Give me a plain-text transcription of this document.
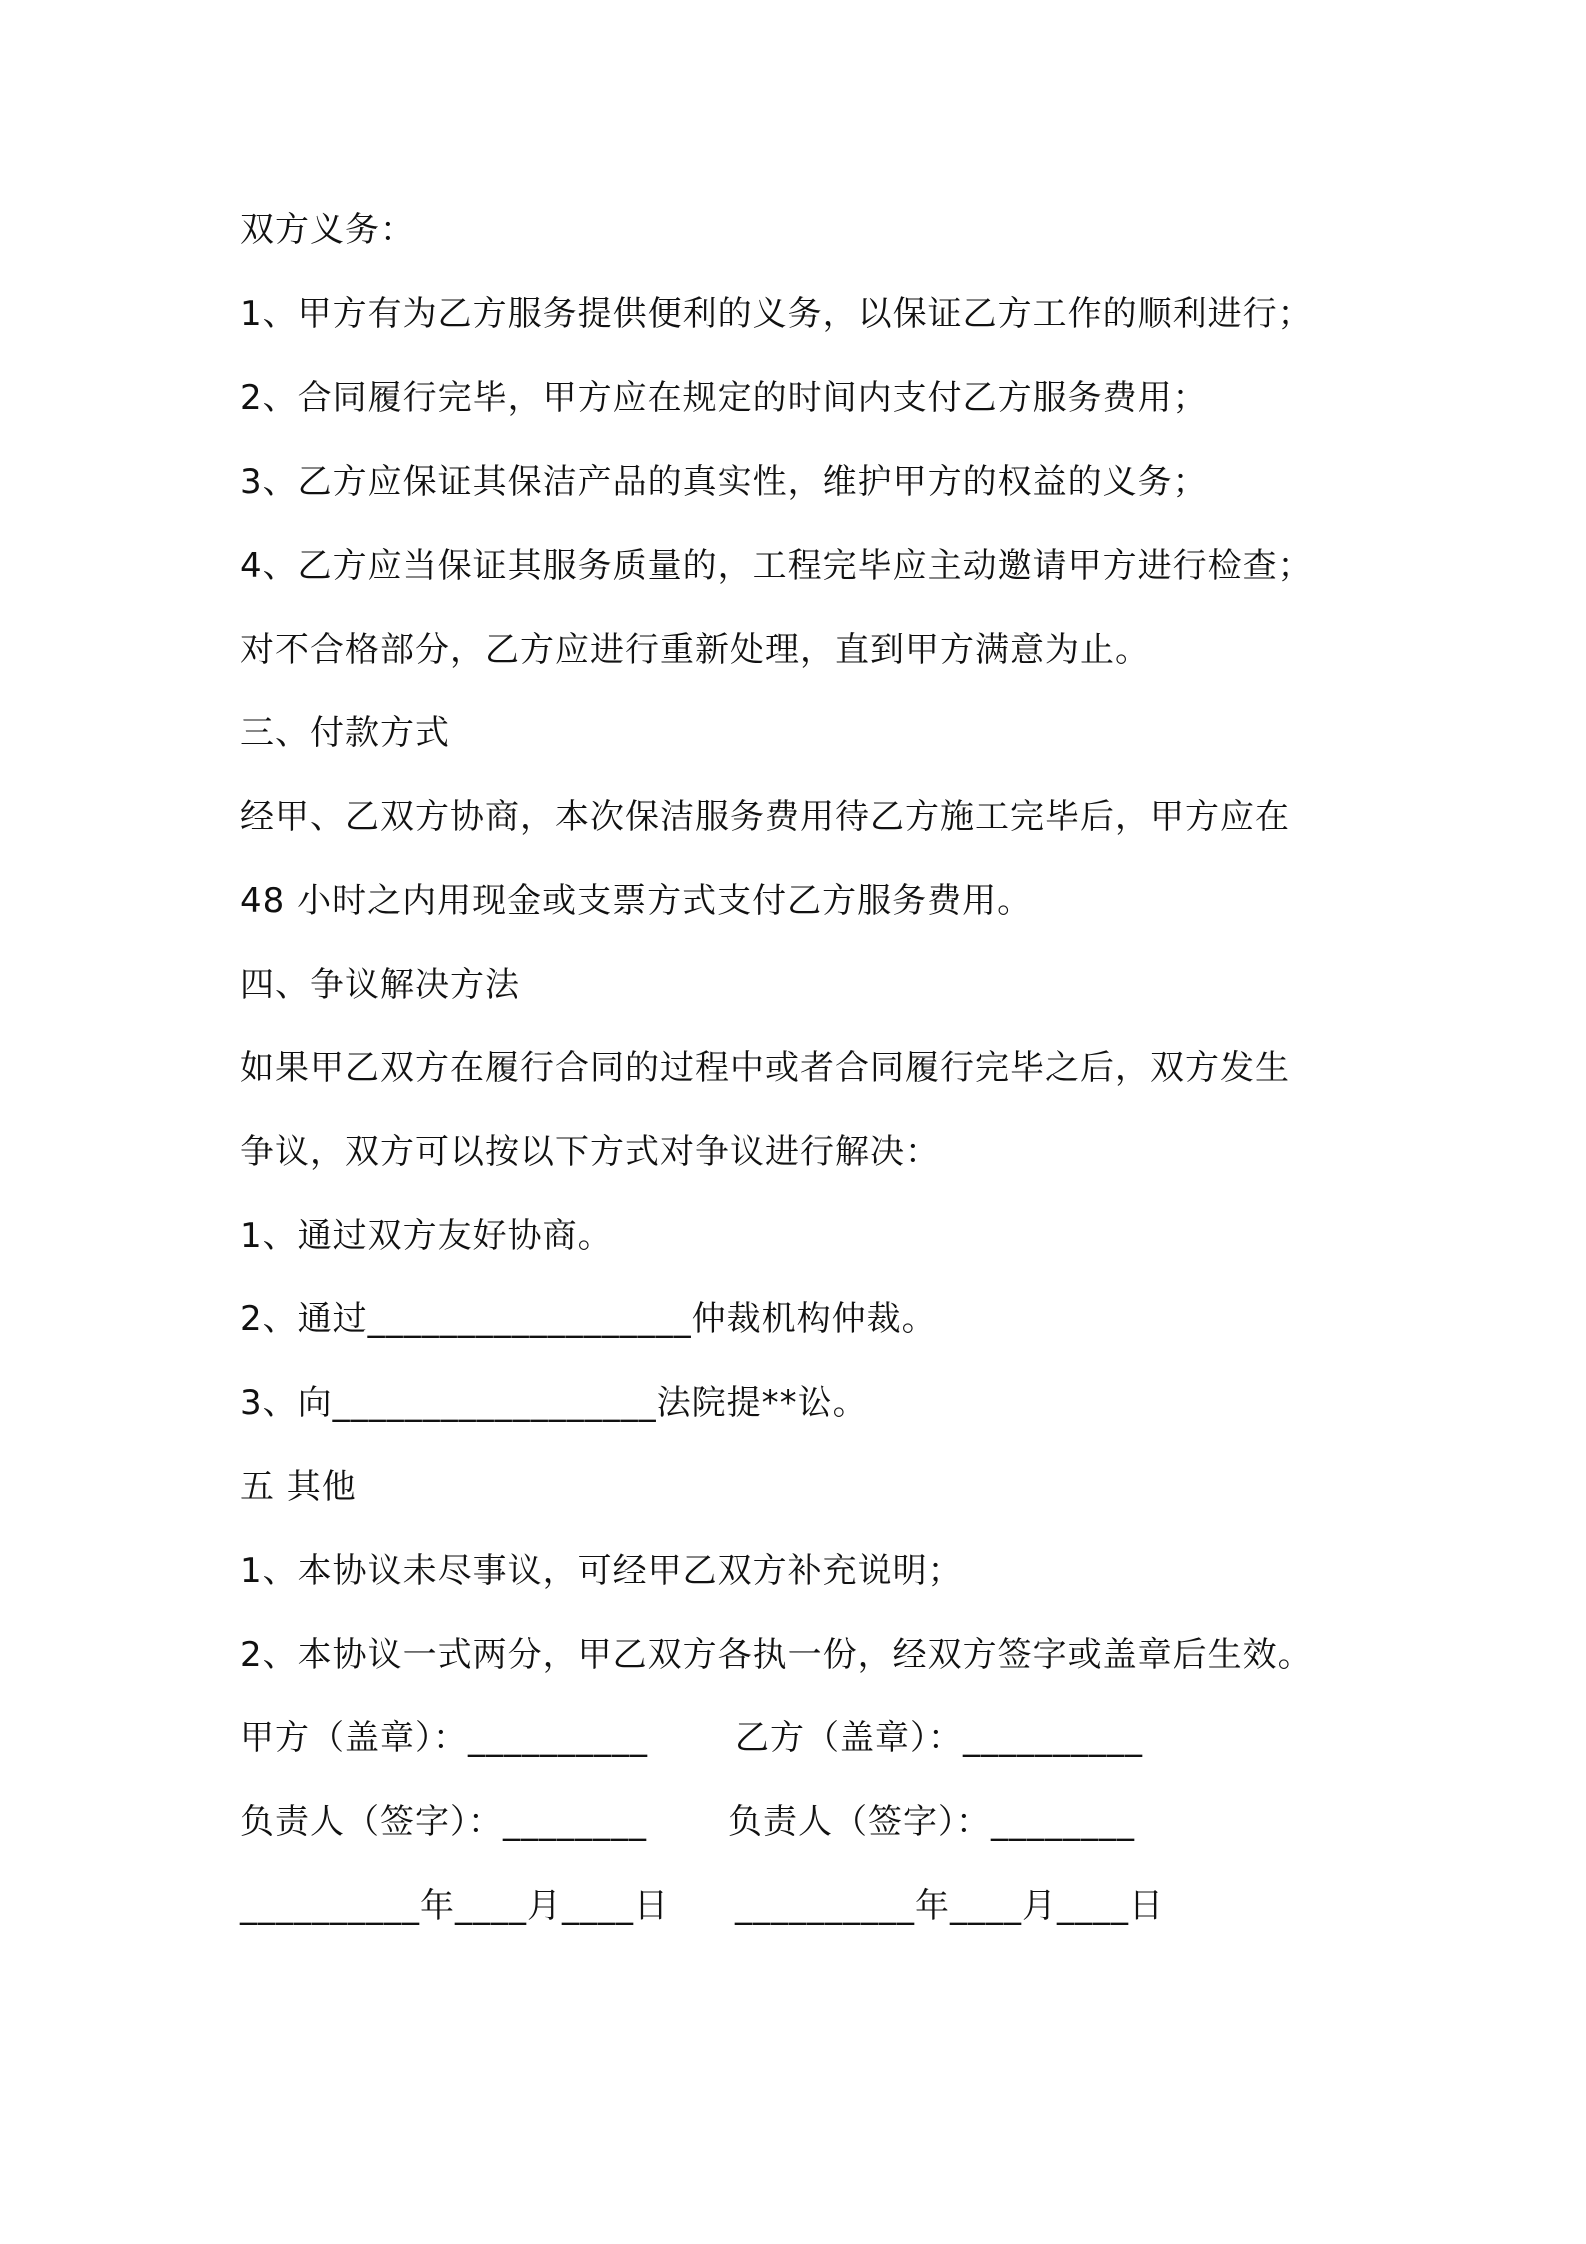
双方义务：
1、甲方有为乙方服务提供便利的义务，以保证乙方工作的顺利进行；
2、合同履行完毕，甲方应在规定的时间内支付乙方服务费用；
3、乙方应保证其保洁产品的真实性，维护甲方的权益的义务；
4、乙方应当保证其服务质量的，工程完毕应主动邀请甲方进行检查；
对不合格部分，乙方应进行重新处理，直到甲方满意为止。
三、付款方式
经甲、乙双方协商，本次保洁服务费用待乙方施工完毕后，甲方应在
48 小时之内用现金或支票方式支付乙方服务费用。
四、争议解决方法
如果甲乙双方在履行合同的过程中或者合同履行完毕之后，双方发生
争议，双方可以按以下方式对争议进行解决：
1、通过双方友好协商。
2、通过__________________仲裁机构仲裁。
3、向__________________法院提**讼。
五 其他
1、本协议未尽事议，可经甲乙双方补充说明；
2、本协议一式两分，甲乙双方各执一份，经双方签字或盖章后生效。
甲方（盖章）：__________	乙方（盖章）：__________
负责人（签字）：________ 负责人（签字）：________
__________年____月____日 __________年____月____日
